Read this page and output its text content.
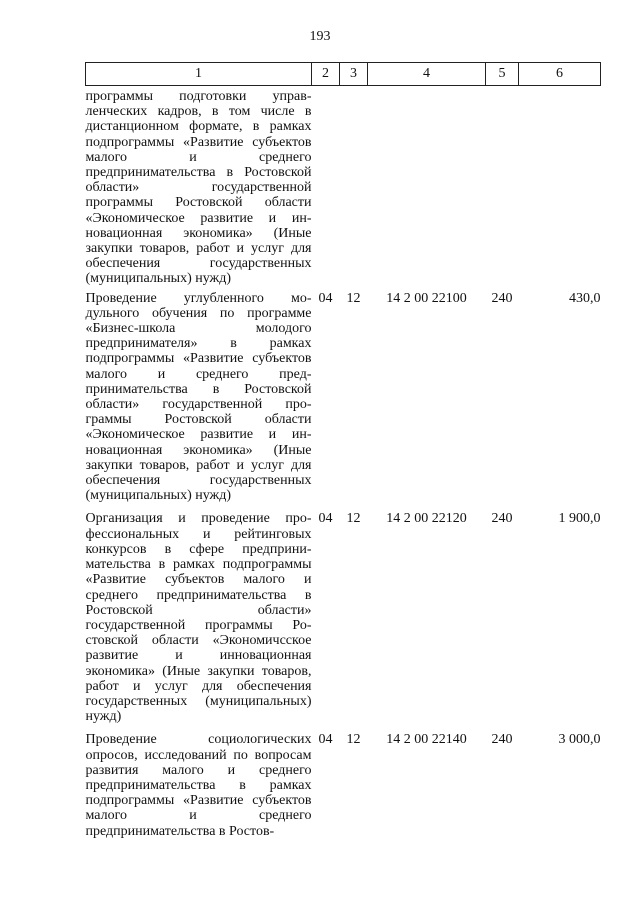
193
1	2	3	4	5	6
программы подготовки управленческих кадров, в том числе в дистанционном формате, в рамках подпрограммы «Развитие субъектов малого и среднего предпринимательства в Ростовской области» государственной программы Ростовской области «Экономическое развитие и инновационная экономика» (Иные закупки товаров, работ и услуг для обеспечения государственных (муниципальных) нужд)					
Проведение углубленного модульного обучения по программе «Бизнес-школа молодого предпринимателя» в рамках подпрограммы «Развитие субъектов малого и среднего предпринимательства в Ростовской области» государственной программы Ростовской области «Экономическое развитие и инновационная экономика» (Иные закупки товаров, работ и услуг для обеспечения государственных (муниципальных) нужд)	04	12	14 2 00 22100	240	430,0
Организация и проведение профессиональных и рейтинговых конкурсов в сфере предпринимательства в рамках подпрограммы «Развитие субъектов малого и среднего предпринимательства в Ростовской области» государственной программы Ростовской области «Экономичсское развитие и инновационная экономика» (Иные закупки товаров, работ и услуг для обеспечения государственных (муниципальных) нужд)	04	12	14 2 00 22120	240	1 900,0
Проведение социологических опросов, исследований по вопросам развития малого и среднего предпринимательства в рамках подпрограммы «Развитие субъектов малого и среднего предпринимательства в Ростов-	04	12	14 2 00 22140	240	3 000,0
